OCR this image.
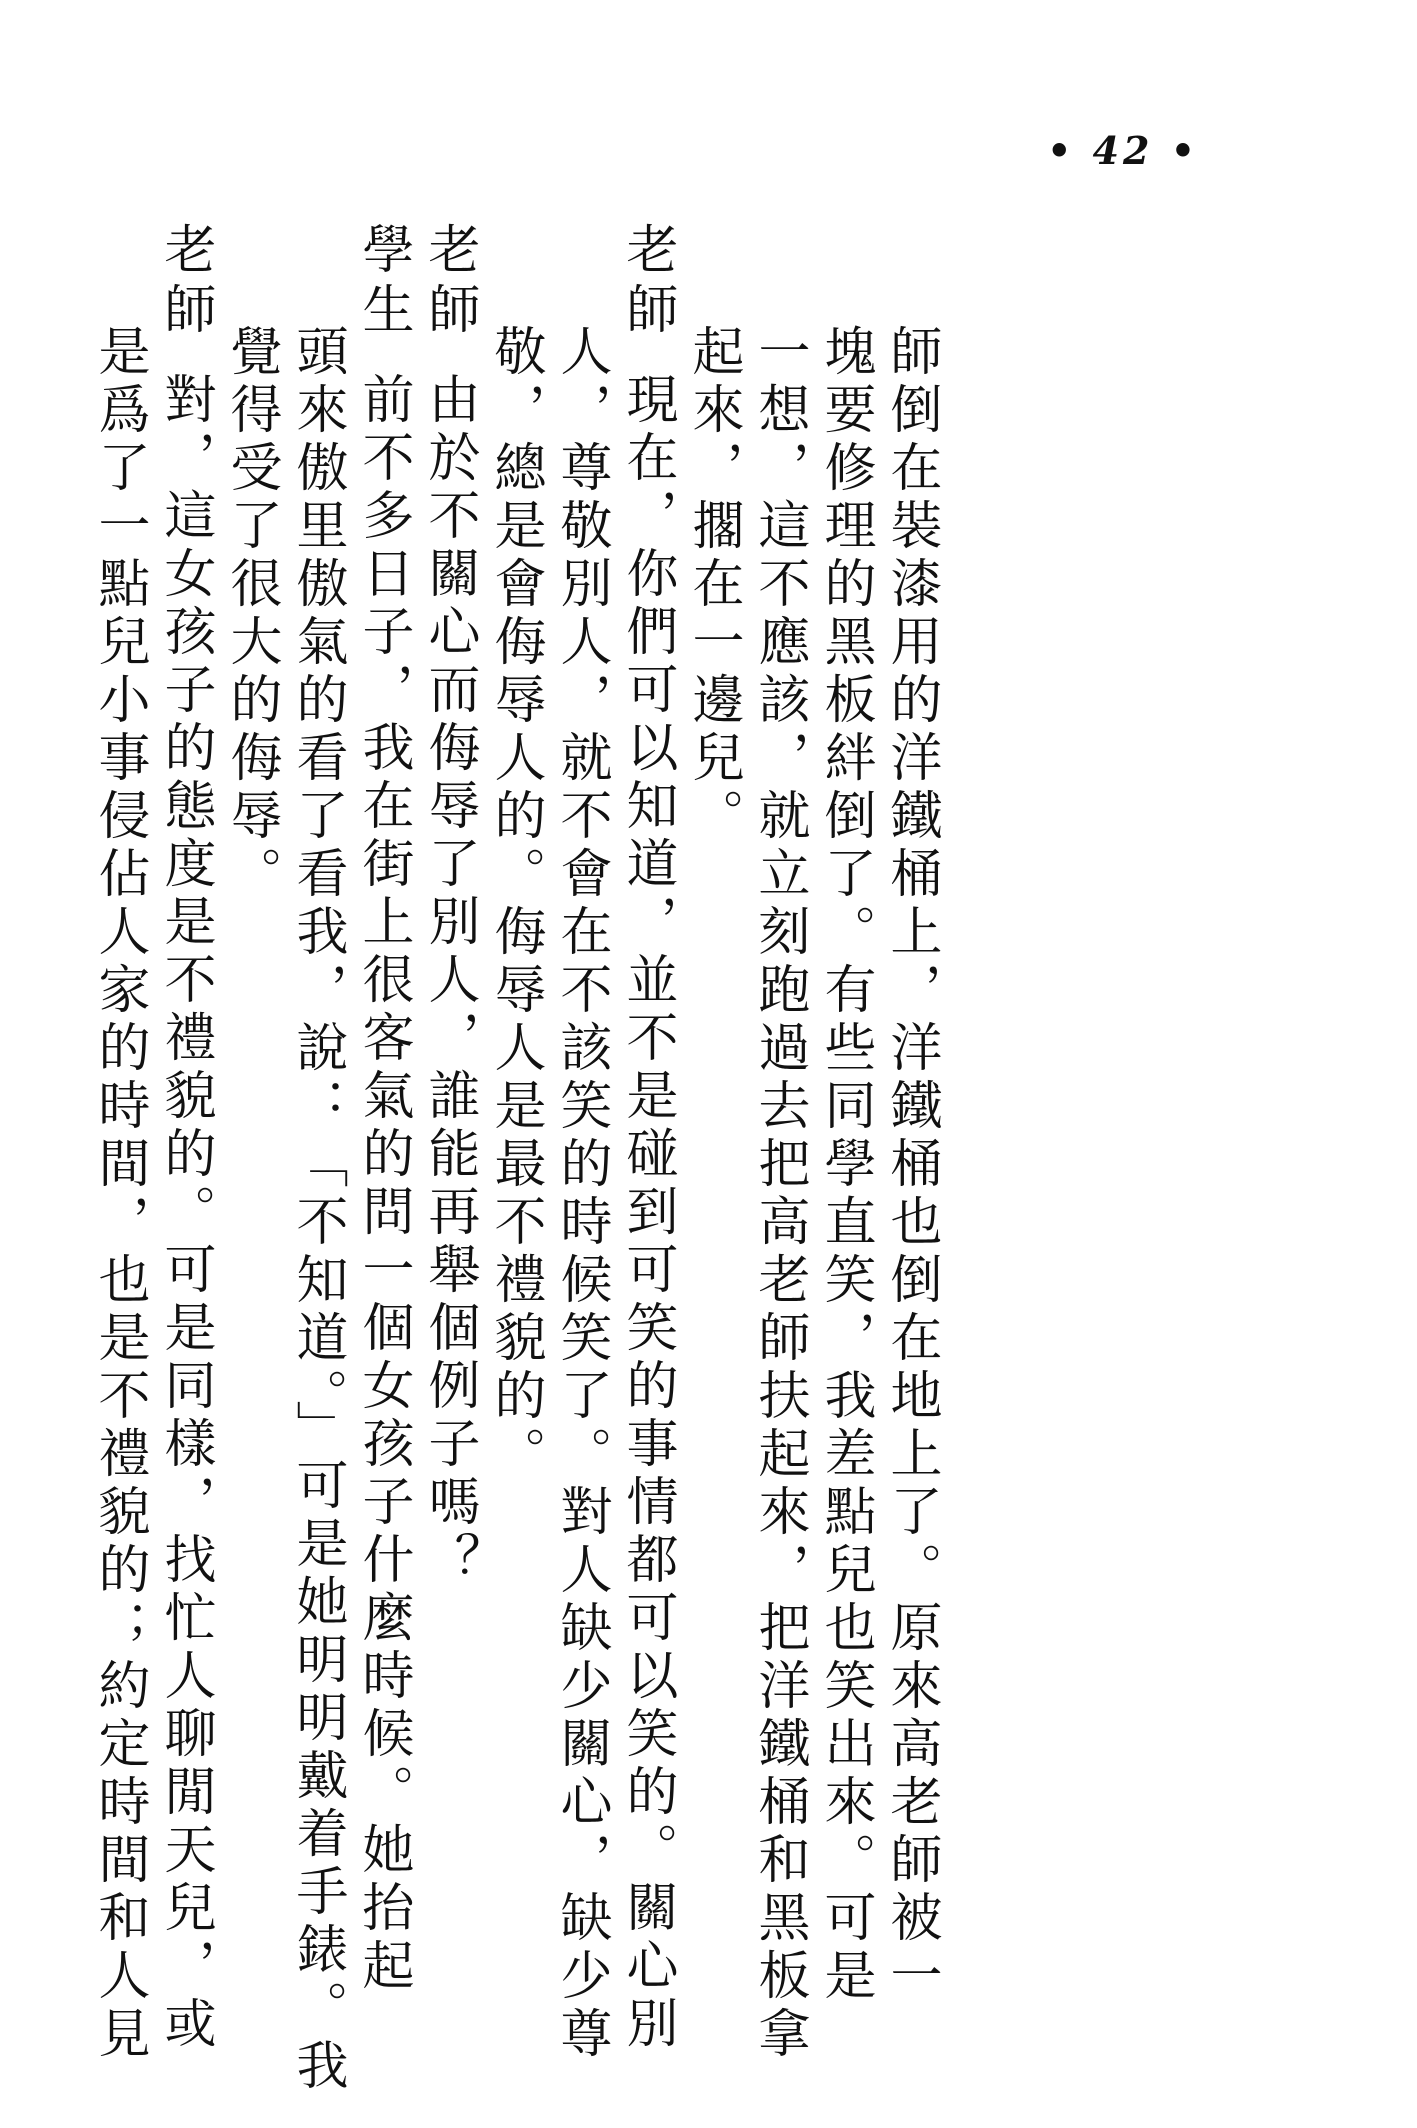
• 42 •
師倒在裝漆用的洋鐵桶上，洋鐵桶也倒在地上了。原來高老師被一
塊要修理的黑板絆倒了。有些同學直笑，我差點兒也笑出來。可是
一想，這不應該，就立刻跑過去把高老師扶起來，把洋鐵桶和黑板拿
起來，擱在一邊兒。
老師
現在，你們可以知道，並不是碰到可笑的事情都可以笑的。關心別
人，尊敬別人，就不會在不該笑的時候笑了。對人缺少關心，缺少尊
敬，總是會侮辱人的。侮辱人是最不禮貌的。
老師
由於不關心而侮辱了別人，誰能再舉個例子嗎？
學生
前不多日子，我在街上很客氣的問一個女孩子什麼時候。她抬起
頭來傲里傲氣的看了看我，說：「不知道。」可是她明明戴着手錶。我
覺得受了很大的侮辱。
老師
對，這女孩子的態度是不禮貌的。可是同樣，找忙人聊閒天兒，或
是爲了一點兒小事侵佔人家的時間，也是不禮貌的；約定時間和人見
